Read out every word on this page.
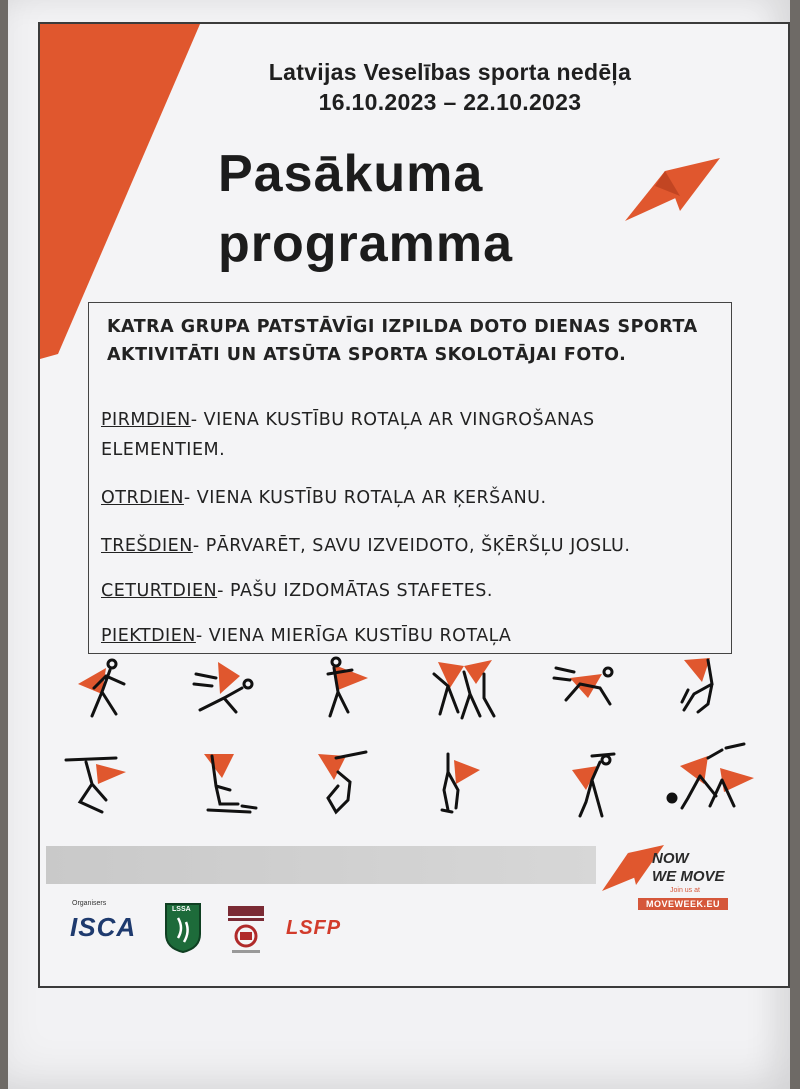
Latvijas Veselības sporta nedēļa
16.10.2023 – 22.10.2023
Pasākuma
programma
KATRA GRUPA PATSTĀVĪGI IZPILDA DOTO DIENAS SPORTA
AKTIVITĀTI UN ATSŪTA SPORTA SKOLOTĀJAI FOTO.
PIRMDIEN- VIENA KUSTĪBU ROTAĻA AR VINGROŠANAS
ELEMENTIEM.
OTRDIEN- VIENA KUSTĪBU ROTAĻA AR ĶERŠANU.
TREŠDIEN- PĀRVARĒT, SAVU IZVEIDOTO, ŠĶĒRŠĻU JOSLU.
CETURTDIEN- PAŠU IZDOMĀTAS STAFETES.
PIEKTDIEN- VIENA MIERĪGA KUSTĪBU ROTAĻA
NOW
WE MOVE
Join us at
MOVEWEEK.EU
Organisers
ISCA
LSSA
LSFP
